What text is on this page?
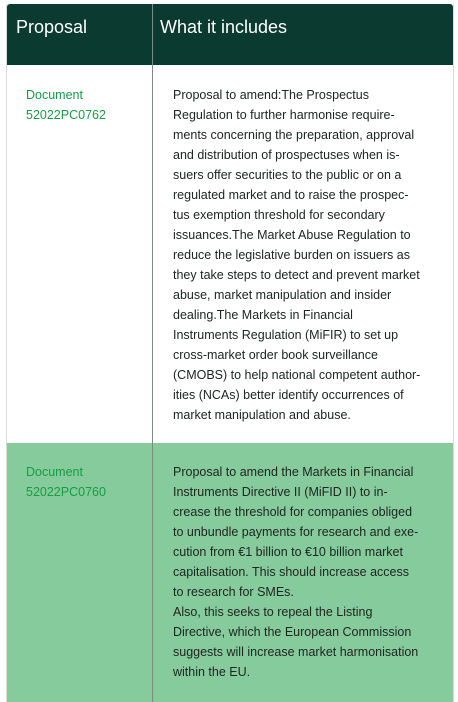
Proposal	What it includes
Document
52022PC0762
Proposal to amend:The Prospectus
Regulation to further harmonise require-
ments concerning the preparation, approval
and distribution of prospectuses when is-
suers offer securities to the public or on a
regulated market and to raise the prospec-
tus exemption threshold for secondary
issuances.The Market Abuse Regulation to
reduce the legislative burden on issuers as
they take steps to detect and prevent market
abuse, market manipulation and insider
dealing.The Markets in Financial
Instruments Regulation (MiFIR) to set up
cross-market order book surveillance
(CMOBS) to help national competent author-
ities (NCAs) better identify occurrences of
market manipulation and abuse.
Document
52022PC0760
Proposal to amend the Markets in Financial
Instruments Directive II (MiFID II) to in-
crease the threshold for companies obliged
to unbundle payments for research and exe-
cution from €1 billion to €10 billion market
capitalisation. This should increase access
to research for SMEs.
Also, this seeks to repeal the Listing
Directive, which the European Commission
suggests will increase market harmonisation
within the EU.
